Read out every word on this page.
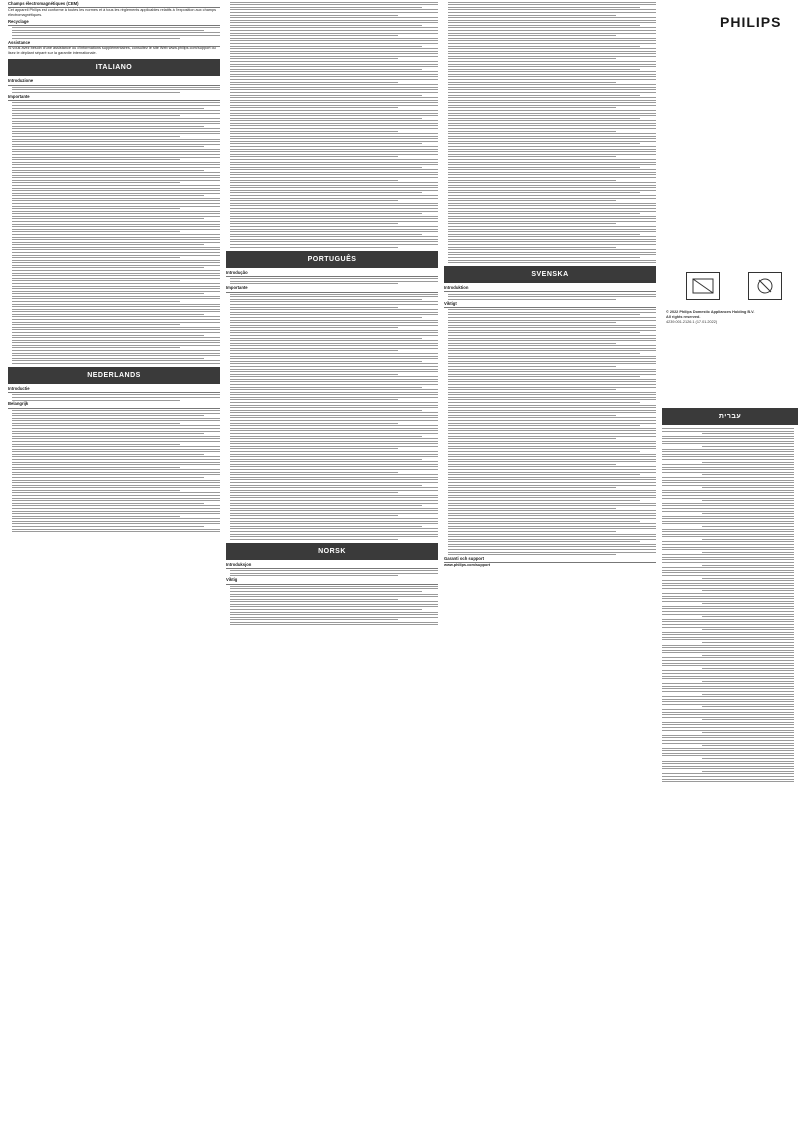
PHILIPS
Champs électromagnétiques (CEM)
Cet appareil Philips est conforme à toutes les normes et à tous les règlements applicables relatifs à l'exposition aux champs électromagnétiques.
Recyclage
Assistance
Si vous avez besoin d'une assistance ou d'informations supplémentaires, consultez le site Web www.philips.com/support ou lisez le dépliant séparé sur la garantie internationale.
ITALIANO
Introduzione
Importante
NEDERLANDS
Introductie
Belangrijk
PORTUGUÊS
Introdução
Importante
NORSK
Introduksjon
Viktig
SVENSKA
Introduktion
Viktigt
Garanti och support
www.philips.com/support
© 2022 Philips Domestic Appliances Holding B.V.
All rights reserved.
4239.001.2126.1 (17.01.2022)
עברית
